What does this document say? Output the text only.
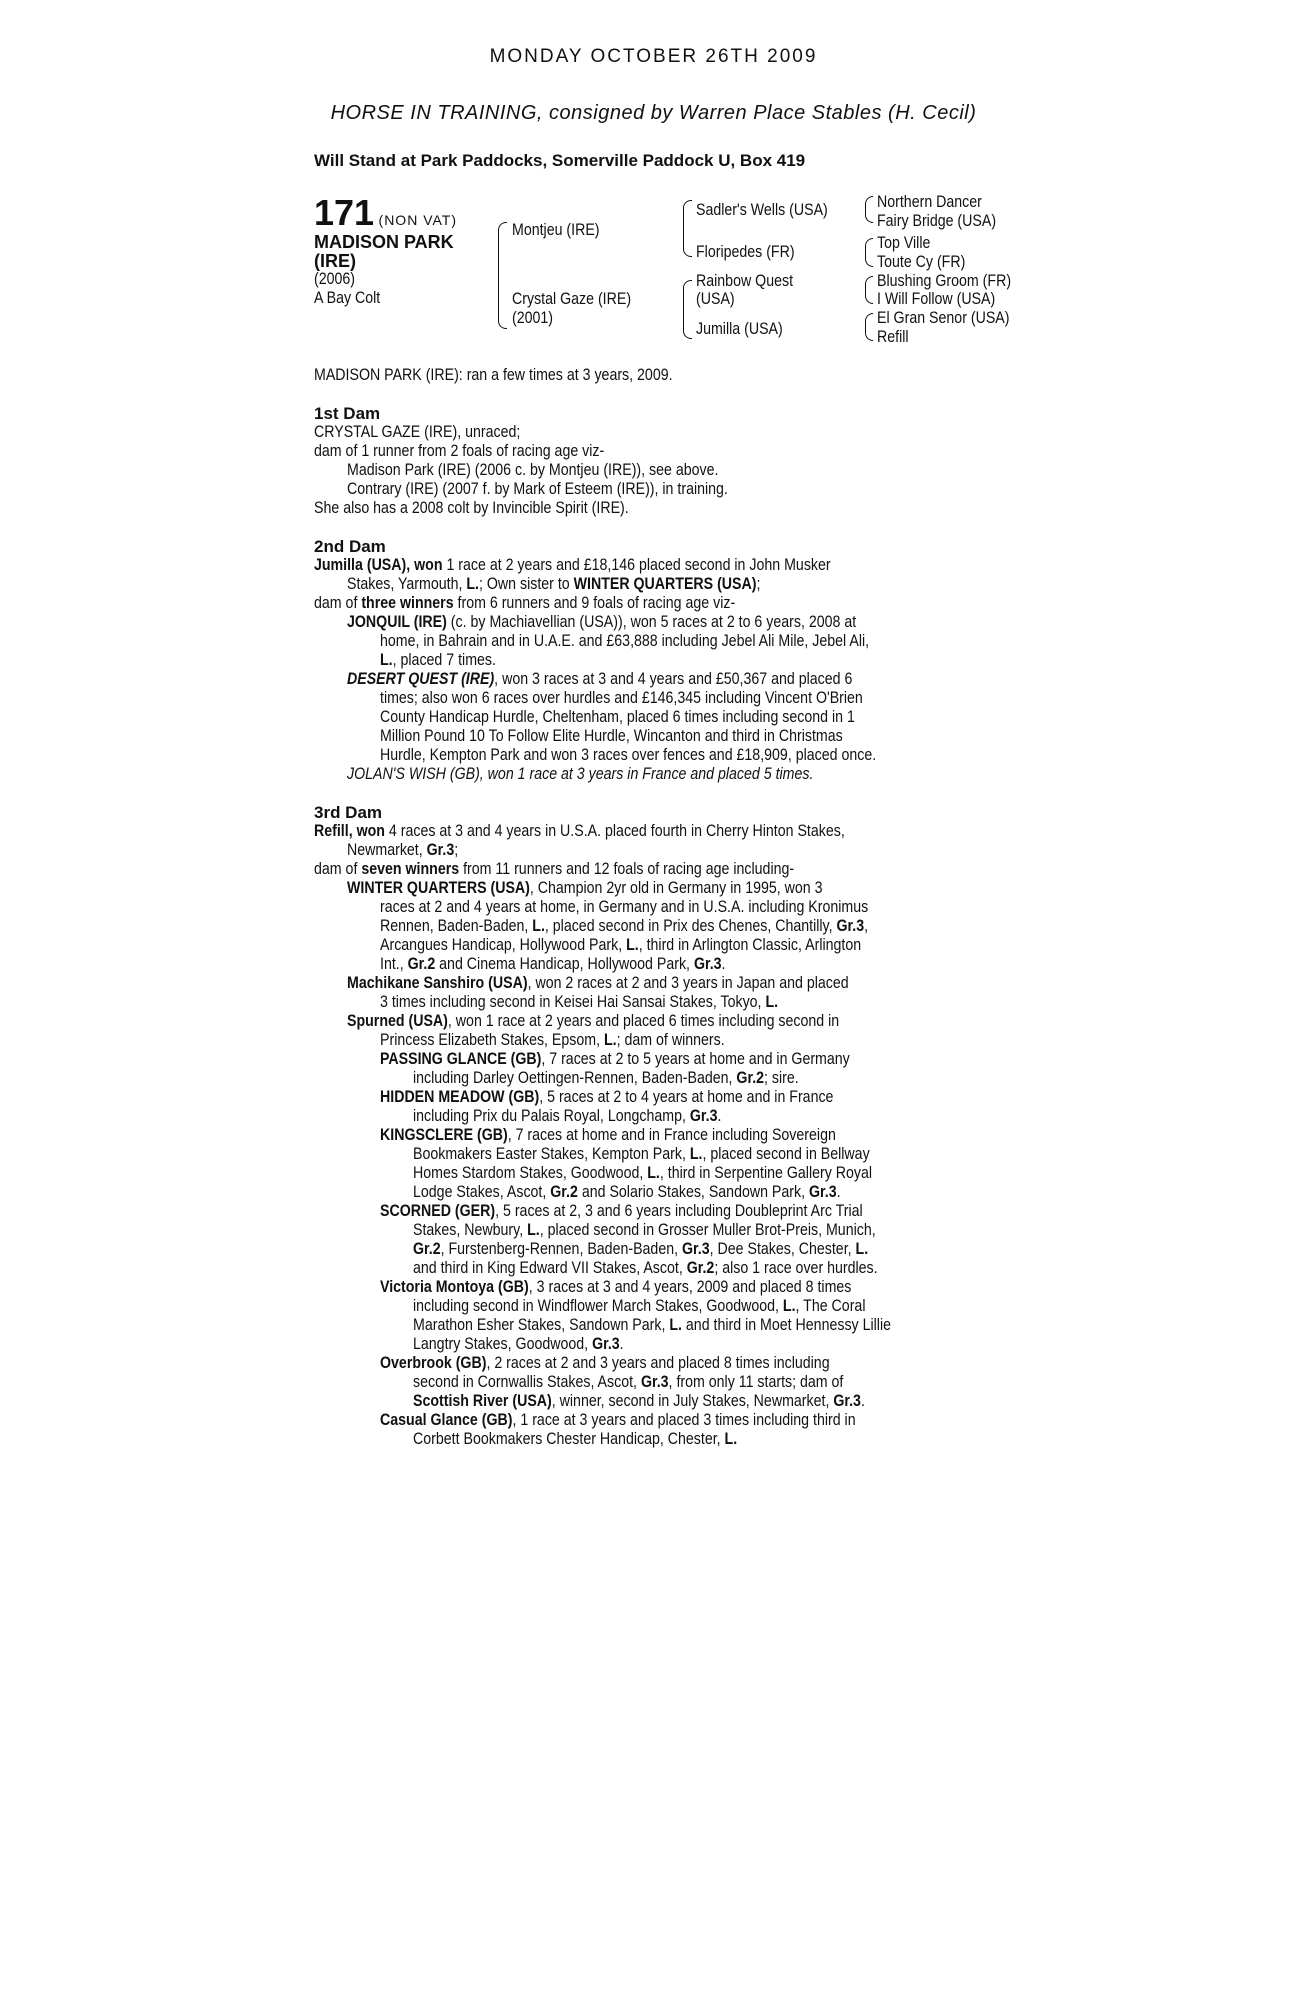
MONDAY OCTOBER 26TH 2009
HORSE IN TRAINING, consigned by Warren Place Stables (H. Cecil)
Will Stand at Park Paddocks, Somerville Paddock U, Box 419
171 (NON VAT)
MADISON PARK
(IRE)
(2006)
A Bay Colt
Montjeu (IRE)
Crystal Gaze (IRE)
(2001)
Sadler's Wells (USA)
Floripedes (FR)
Rainbow Quest
(USA)
Jumilla (USA)
Northern Dancer
Fairy Bridge (USA)
Top Ville
Toute Cy (FR)
Blushing Groom (FR)
I Will Follow (USA)
El Gran Senor (USA)
Refill
MADISON PARK (IRE): ran a few times at 3 years, 2009.
1st Dam
CRYSTAL GAZE (IRE), unraced;
dam of 1 runner from 2 foals of racing age viz-
Madison Park (IRE) (2006 c. by Montjeu (IRE)), see above.
Contrary (IRE) (2007 f. by Mark of Esteem (IRE)), in training.
She also has a 2008 colt by Invincible Spirit (IRE).
2nd Dam
Jumilla (USA), won 1 race at 2 years and £18,146 placed second in John Musker
Stakes, Yarmouth, L.; Own sister to WINTER QUARTERS (USA);
dam of three winners from 6 runners and 9 foals of racing age viz-
JONQUIL (IRE) (c. by Machiavellian (USA)), won 5 races at 2 to 6 years, 2008 at
home, in Bahrain and in U.A.E. and £63,888 including Jebel Ali Mile, Jebel Ali,
L., placed 7 times.
DESERT QUEST (IRE), won 3 races at 3 and 4 years and £50,367 and placed 6
times; also won 6 races over hurdles and £146,345 including Vincent O'Brien
County Handicap Hurdle, Cheltenham, placed 6 times including second in 1
Million Pound 10 To Follow Elite Hurdle, Wincanton and third in Christmas
Hurdle, Kempton Park and won 3 races over fences and £18,909, placed once.
JOLAN'S WISH (GB), won 1 race at 3 years in France and placed 5 times.
3rd Dam
Refill, won 4 races at 3 and 4 years in U.S.A. placed fourth in Cherry Hinton Stakes,
Newmarket, Gr.3;
dam of seven winners from 11 runners and 12 foals of racing age including-
WINTER QUARTERS (USA), Champion 2yr old in Germany in 1995, won 3
races at 2 and 4 years at home, in Germany and in U.S.A. including Kronimus
Rennen, Baden-Baden, L., placed second in Prix des Chenes, Chantilly, Gr.3,
Arcangues Handicap, Hollywood Park, L., third in Arlington Classic, Arlington
Int., Gr.2 and Cinema Handicap, Hollywood Park, Gr.3.
Machikane Sanshiro (USA), won 2 races at 2 and 3 years in Japan and placed
3 times including second in Keisei Hai Sansai Stakes, Tokyo, L.
Spurned (USA), won 1 race at 2 years and placed 6 times including second in
Princess Elizabeth Stakes, Epsom, L.; dam of winners.
PASSING GLANCE (GB), 7 races at 2 to 5 years at home and in Germany
including Darley Oettingen-Rennen, Baden-Baden, Gr.2; sire.
HIDDEN MEADOW (GB), 5 races at 2 to 4 years at home and in France
including Prix du Palais Royal, Longchamp, Gr.3.
KINGSCLERE (GB), 7 races at home and in France including Sovereign
Bookmakers Easter Stakes, Kempton Park, L., placed second in Bellway
Homes Stardom Stakes, Goodwood, L., third in Serpentine Gallery Royal
Lodge Stakes, Ascot, Gr.2 and Solario Stakes, Sandown Park, Gr.3.
SCORNED (GER), 5 races at 2, 3 and 6 years including Doubleprint Arc Trial
Stakes, Newbury, L., placed second in Grosser Muller Brot-Preis, Munich,
Gr.2, Furstenberg-Rennen, Baden-Baden, Gr.3, Dee Stakes, Chester, L.
and third in King Edward VII Stakes, Ascot, Gr.2; also 1 race over hurdles.
Victoria Montoya (GB), 3 races at 3 and 4 years, 2009 and placed 8 times
including second in Windflower March Stakes, Goodwood, L., The Coral
Marathon Esher Stakes, Sandown Park, L. and third in Moet Hennessy Lillie
Langtry Stakes, Goodwood, Gr.3.
Overbrook (GB), 2 races at 2 and 3 years and placed 8 times including
second in Cornwallis Stakes, Ascot, Gr.3, from only 11 starts; dam of
Scottish River (USA), winner, second in July Stakes, Newmarket, Gr.3.
Casual Glance (GB), 1 race at 3 years and placed 3 times including third in
Corbett Bookmakers Chester Handicap, Chester, L.
